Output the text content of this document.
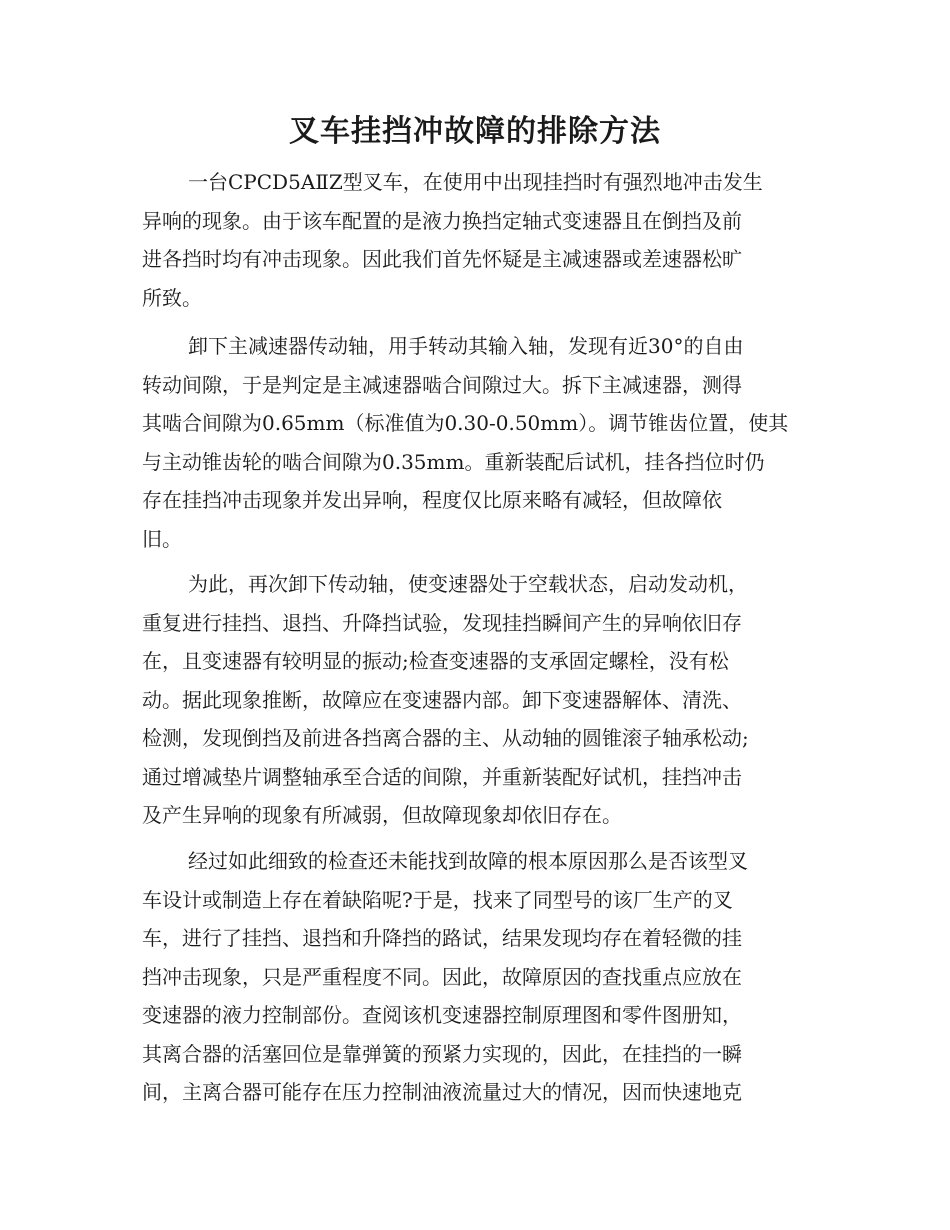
叉车挂挡冲故障的排除方法
一台CPCD5AⅡZ型叉车，在使用中出现挂挡时有强烈地冲击发生
异响的现象。由于该车配置的是液力换挡定轴式变速器且在倒挡及前
进各挡时均有冲击现象。因此我们首先怀疑是主减速器或差速器松旷
所致。
卸下主减速器传动轴，用手转动其输入轴，发现有近30°的自由
转动间隙，于是判定是主减速器啮合间隙过大。拆下主减速器，测得
其啮合间隙为0.65mm（标准值为0.30-0.50mm）。调节锥齿位置，使其
与主动锥齿轮的啮合间隙为0.35mm。重新装配后试机，挂各挡位时仍
存在挂挡冲击现象并发出异响，程度仅比原来略有减轻，但故障依
旧。
为此，再次卸下传动轴，使变速器处于空载状态，启动发动机，
重复进行挂挡、退挡、升降挡试验，发现挂挡瞬间产生的异响依旧存
在，且变速器有较明显的振动;检查变速器的支承固定螺栓，没有松
动。据此现象推断，故障应在变速器内部。卸下变速器解体、清洗、
检测，发现倒挡及前进各挡离合器的主、从动轴的圆锥滚子轴承松动;
通过增减垫片调整轴承至合适的间隙，并重新装配好试机，挂挡冲击
及产生异响的现象有所减弱，但故障现象却依旧存在。
经过如此细致的检查还未能找到故障的根本原因那么是否该型叉
车设计或制造上存在着缺陷呢?于是，找来了同型号的该厂生产的叉
车，进行了挂挡、退挡和升降挡的路试，结果发现均存在着轻微的挂
挡冲击现象，只是严重程度不同。因此，故障原因的查找重点应放在
变速器的液力控制部份。查阅该机变速器控制原理图和零件图册知，
其离合器的活塞回位是靠弹簧的预紧力实现的，因此，在挂挡的一瞬
间，主离合器可能存在压力控制油液流量过大的情况，因而快速地克
